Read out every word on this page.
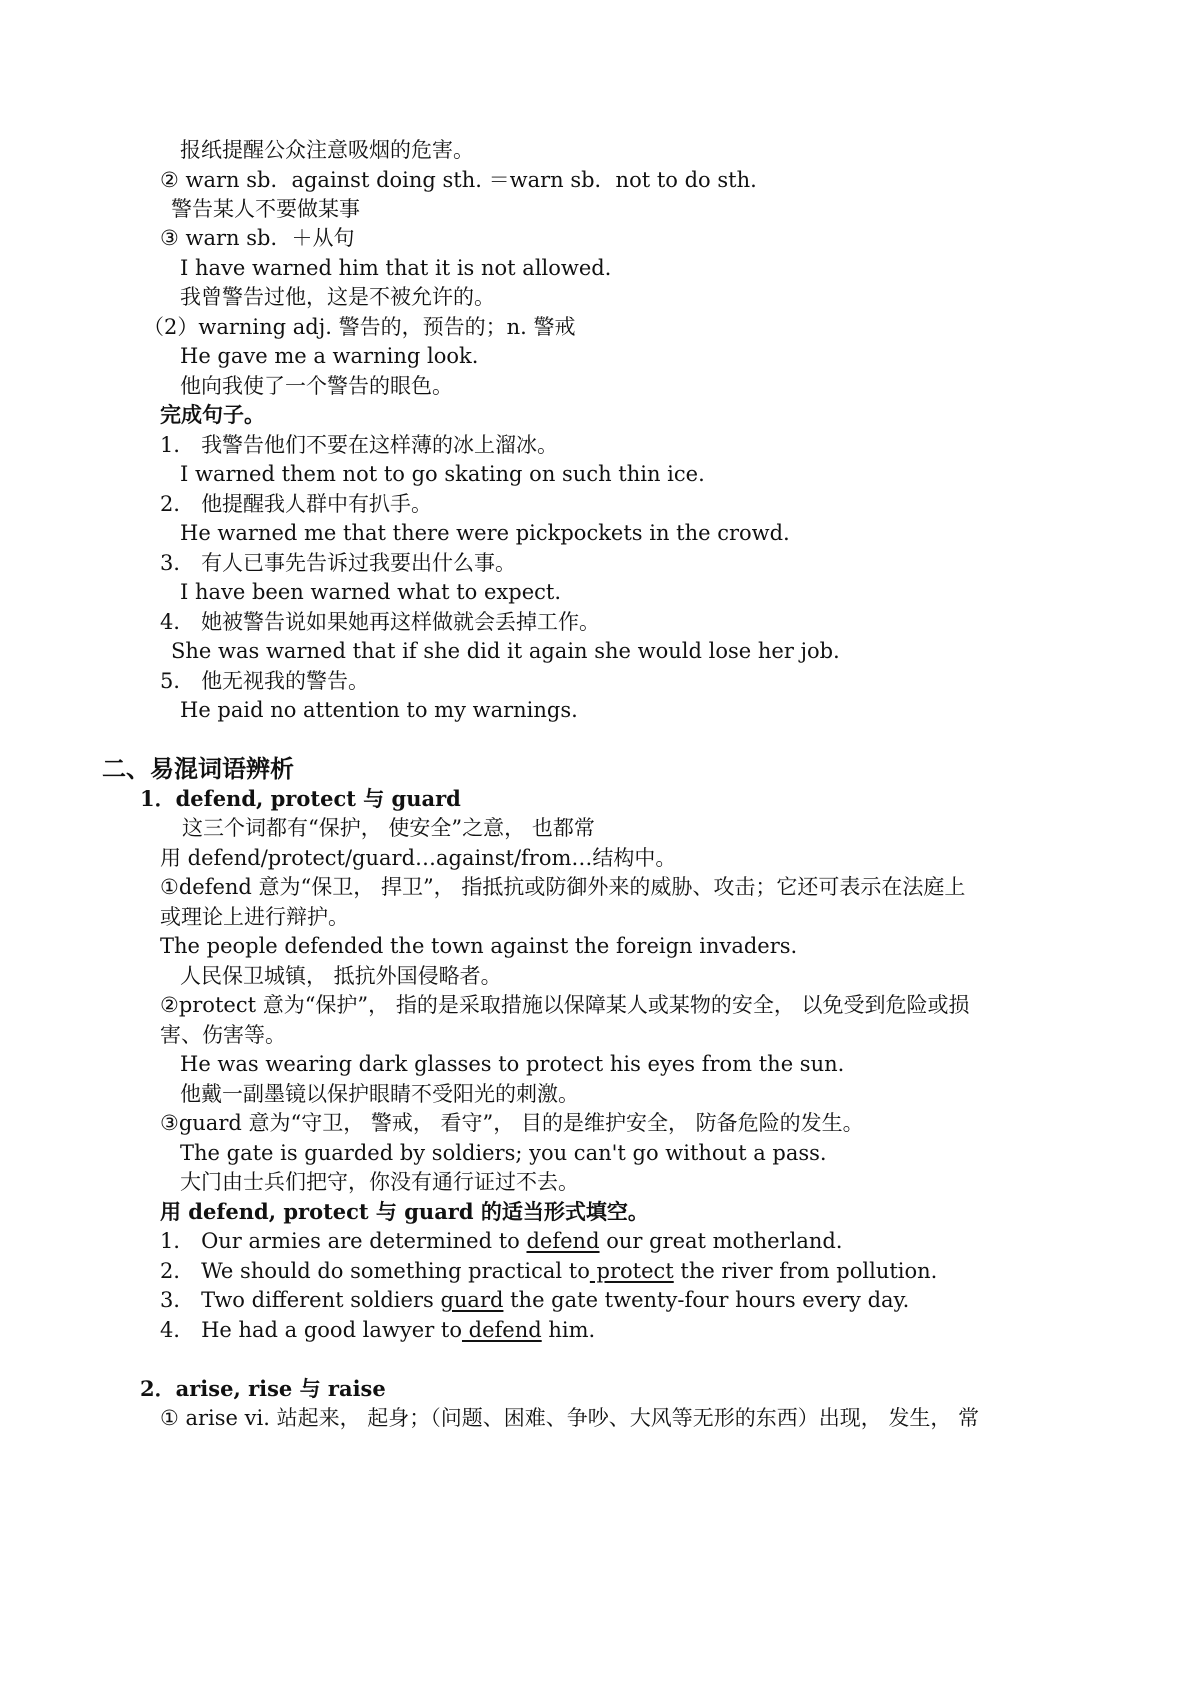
报纸提醒公众注意吸烟的危害。
② warn sb．against doing sth. ＝warn sb．not to do sth.
警告某人不要做某事
③ warn sb．＋从句
I have warned him that it is not allowed．
我曾警告过他，这是不被允许的。
（2）warning adj. 警告的，预告的；n. 警戒
He gave me a warning look.
他向我使了一个警告的眼色。
完成句子。
1． 我警告他们不要在这样薄的冰上溜冰。
I warned them not to go skating on such thin ice.
2． 他提醒我人群中有扒手。
He warned me that there were pickpockets in the crowd．
3． 有人已事先告诉过我要出什么事。
I have been warned what to expect.
4． 她被警告说如果她再这样做就会丢掉工作。
She was warned that if she did it again she would lose her job．
5． 他无视我的警告。
He paid no attention to my warnings.
二、易混词语辨析
1．defend, protect 与 guard
这三个词都有“保护， 使安全”之意， 也都常
用 defend/protect/guard…against/from…结构中。
①defend 意为“保卫， 捍卫”， 指抵抗或防御外来的威胁、攻击；它还可表示在法庭上
或理论上进行辩护。
The people defended the town against the foreign invaders.
人民保卫城镇， 抵抗外国侵略者。
②protect 意为“保护”， 指的是采取措施以保障某人或某物的安全， 以免受到危险或损
害、伤害等。
He was wearing dark glasses to protect his eyes from the sun.
他戴一副墨镜以保护眼睛不受阳光的刺激。
③guard 意为“守卫， 警戒， 看守”， 目的是维护安全， 防备危险的发生。
The gate is guarded by soldiers; you can't go without a pass.
大门由士兵们把守，你没有通行证过不去。
用 defend, protect 与 guard 的适当形式填空。
1． Our armies are determined to defend our great motherland．
2． We should do something practical to protect the river from pollution.
3． Two different soldiers guard the gate twenty-four hours every day.
4． He had a good lawyer to defend him.
2．arise, rise 与 raise
① arise vi. 站起来， 起身；（问题、困难、争吵、大风等无形的东西）出现， 发生， 常
